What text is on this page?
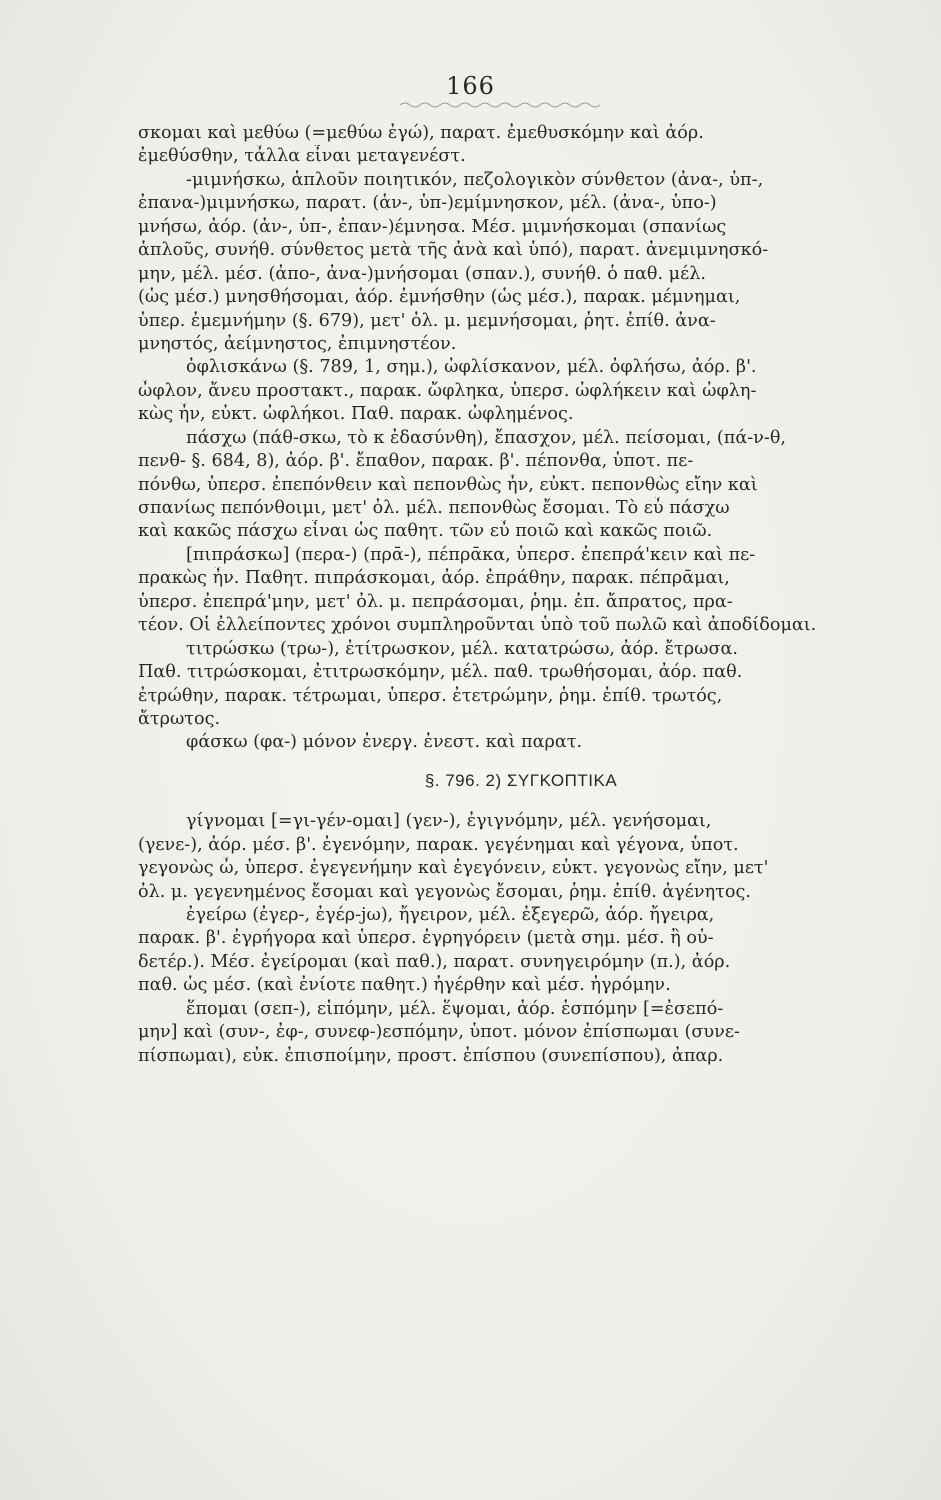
166
σκομαι καὶ μεθύω (=μεθύω ἐγώ), παρατ. ἐμεθυσκόμην καὶ ἀόρ.
ἐμεθύσθην, τἆλλα εἶναι μεταγενέστ.
-μιμνήσκω, ἁπλοῦν ποιητικόν, πεζολογικὸν σύνθετον (ἀνα-, ὑπ-,
ἐπανα-)μιμνήσκω, παρατ. (ἀν-, ὑπ-)εμίμνησκον, μέλ. (ἀνα-, ὑπο-)
μνήσω, ἀόρ. (ἀν-, ὑπ-, ἐπαν-)έμνησα. Μέσ. μιμνήσκομαι (σπανίως
ἁπλοῦς, συνήθ. σύνθετος μετὰ τῆς ἀνὰ καὶ ὑπό), παρατ. ἀνεμιμνησκό-
μην, μέλ. μέσ. (ἀπο-, ἀνα-)μνήσομαι (σπαν.), συνήθ. ὁ παθ. μέλ.
(ὡς μέσ.) μνησθήσομαι, ἀόρ. ἐμνήσθην (ὡς μέσ.), παρακ. μέμνημαι,
ὑπερ. ἐμεμνήμην (§. 679), μετ' ὀλ. μ. μεμνήσομαι, ῥητ. ἐπίθ. ἀνα-
μνηστός, ἀείμνηστος, ἐπιμνηστέον.
ὀφλισκάνω (§. 789, 1, σημ.), ὠφλίσκανον, μέλ. ὀφλήσω, ἀόρ. β'.
ὦφλον, ἄνευ προστακτ., παρακ. ὤφληκα, ὑπερσ. ὠφλήκειν καὶ ὠφλη-
κὼς ἦν, εὐκτ. ὠφλήκοι. Παθ. παρακ. ὠφλημένος.
πάσχω (πάθ-σκω, τὸ κ ἐδασύνθη), ἔπασχον, μέλ. πείσομαι, (πά-ν-θ,
πενθ- §. 684, 8), ἀόρ. β'. ἔπαθον, παρακ. β'. πέπονθα, ὑποτ. πε-
πόνθω, ὑπερσ. ἐπεπόνθειν καὶ πεπονθὼς ἦν, εὐκτ. πεπονθὼς εἴην καὶ
σπανίως πεπόνθοιμι, μετ' ὀλ. μέλ. πεπονθὼς ἔσομαι. Τὸ εὖ πάσχω
καὶ κακῶς πάσχω εἶναι ὡς παθητ. τῶν εὖ ποιῶ καὶ κακῶς ποιῶ.
[πιπράσκω] (περα-) (πρᾱ-), πέπρᾱκα, ὑπερσ. ἐπεπρά'κειν καὶ πε-
πρακὼς ἦν. Παθητ. πιπράσκομαι, ἀόρ. ἐπράθην, παρακ. πέπρᾱμαι,
ὑπερσ. ἐπεπρά'μην, μετ' ὀλ. μ. πεπράσομαι, ῥημ. ἐπ. ἄπρατος, πρα-
τέον. Οἱ ἐλλείποντες χρόνοι συμπληροῦνται ὑπὸ τοῦ πωλῶ καὶ ἀποδίδομαι.
τιτρώσκω (τρω-), ἐτίτρωσκον, μέλ. κατατρώσω, ἀόρ. ἔτρωσα.
Παθ. τιτρώσκομαι, ἐτιτρωσκόμην, μέλ. παθ. τρωθήσομαι, ἀόρ. παθ.
ἐτρώθην, παρακ. τέτρωμαι, ὑπερσ. ἐτετρώμην, ῥημ. ἐπίθ. τρωτός,
ἄτρωτος.
φάσκω (φα-) μόνον ἐνεργ. ἐνεστ. καὶ παρατ.
§. 796. 2) ΣΥΓΚΟΠΤΙΚΑ
γίγνομαι [=γι-γέν-ομαι] (γεν-), ἐγιγνόμην, μέλ. γενήσομαι,
(γενε-), ἀόρ. μέσ. β'. ἐγενόμην, παρακ. γεγένημαι καὶ γέγονα, ὑποτ.
γεγονὼς ὦ, ὑπερσ. ἐγεγενήμην καὶ ἐγεγόνειν, εὐκτ. γεγονὼς εἴην, μετ'
ὀλ. μ. γεγενημένος ἔσομαι καὶ γεγονὼς ἔσομαι, ῥημ. ἐπίθ. ἀγένητος.
ἐγείρω (ἐγερ-, ἐγέρ-jω), ἤγειρον, μέλ. ἐξεγερῶ, ἀόρ. ἤγειρα,
παρακ. β'. ἐγρήγορα καὶ ὑπερσ. ἐγρηγόρειν (μετὰ σημ. μέσ. ἢ οὐ-
δετέρ.). Μέσ. ἐγείρομαι (καὶ παθ.), παρατ. συνηγειρόμην (π.), ἀόρ.
παθ. ὡς μέσ. (καὶ ἐνίοτε παθητ.) ἠγέρθην καὶ μέσ. ἠγρόμην.
ἕπομαι (σεπ-), εἱπόμην, μέλ. ἕψομαι, ἀόρ. ἑσπόμην [=ἐσεπό-
μην] καὶ (συν-, ἐφ-, συνεφ-)εσπόμην, ὑποτ. μόνον ἐπίσπωμαι (συνε-
πίσπωμαι), εὐκ. ἐπισποίμην, προστ. ἐπίσπου (συνεπίσπου), ἀπαρ.
